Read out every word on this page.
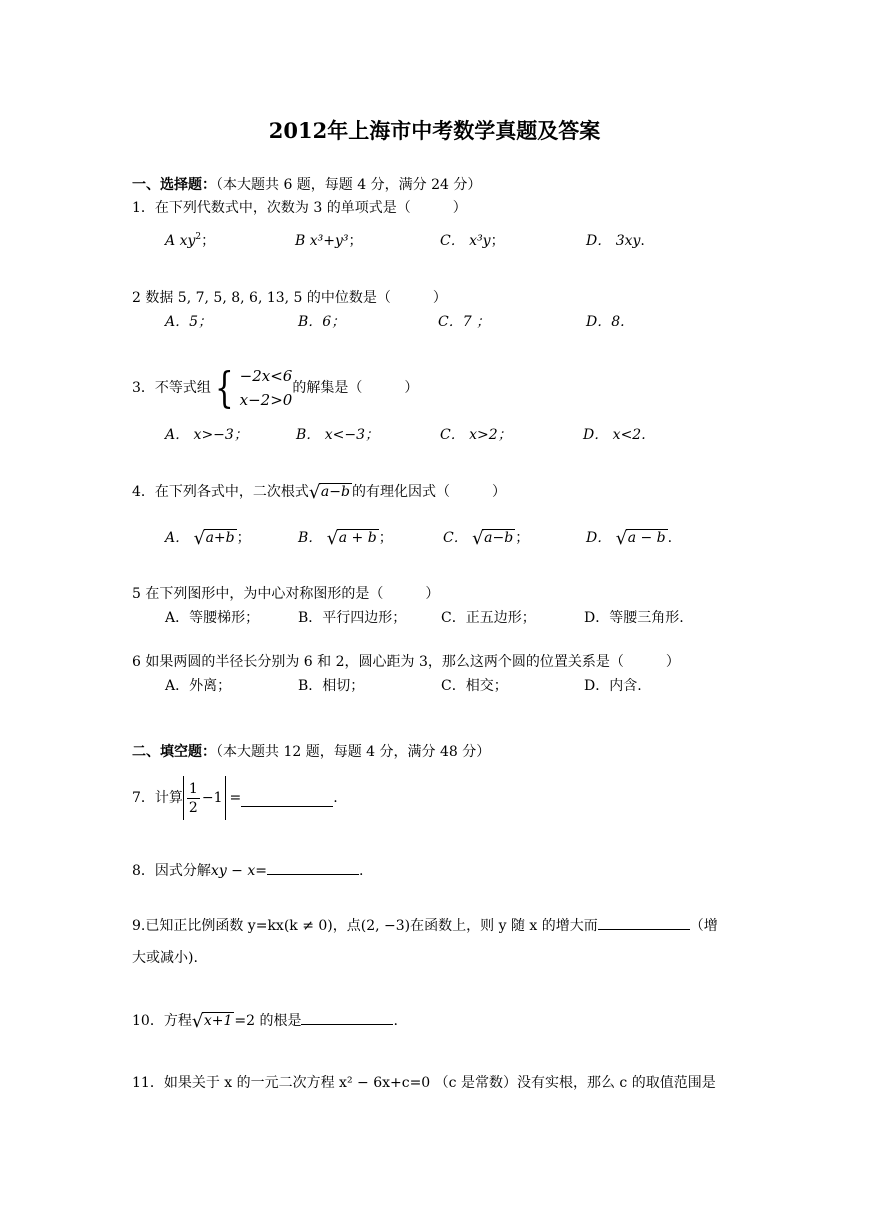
2012年上海市中考数学真题及答案
一、选择题：（本大题共 6 题，每题 4 分，满分 24 分）
1．在下列代数式中，次数为 3 的单项式是（　　　）
A $xy^2$；	B x³+y³；	C． x³y；	D． 3xy.
2 数据 5, 7, 5, 8, 6, 13, 5 的中位数是（　　　）
A．5；	B．6；	C．7 ；	D．8.
3．不等式组 { −2x<6
x−2>0
的解集是（　　　）
A． x>−3；	B． x<−3；	C． x>2；	D． x<2.
4．在下列各式中，二次根式 √ a−b 的有理化因式（　　　）
A． √ a+b ；	B． √ a + b ；	C． √ a−b ；	D． √ a − b .
5 在下列图形中，为中心对称图形的是（　　　）
A．等腰梯形；	B．平行四边形；	C．正五边形；	D．等腰三角形.
6 如果两圆的半径长分别为 6 和 2，圆心距为 3，那么这两个圆的位置关系是（　　　）
A．外离；	B．相切；	C．相交；	D．内含.
二、填空题：（本大题共 12 题，每题 4 分，满分 48 分）
7．计算 $\frac{1}{2} -1$ =	.
8．因式分解xy − x=	.
9.已知正比例函数 y=kx(k ≠ 0)，点(2, −3)在函数上，则 y 随 x 的增大而	（增
大或减小).
10．方程 √ x+1 =2 的根是	.
11．如果关于 x 的一元二次方程 x² − 6x+c=0 （c 是常数）没有实根，那么 c 的取值范围是
